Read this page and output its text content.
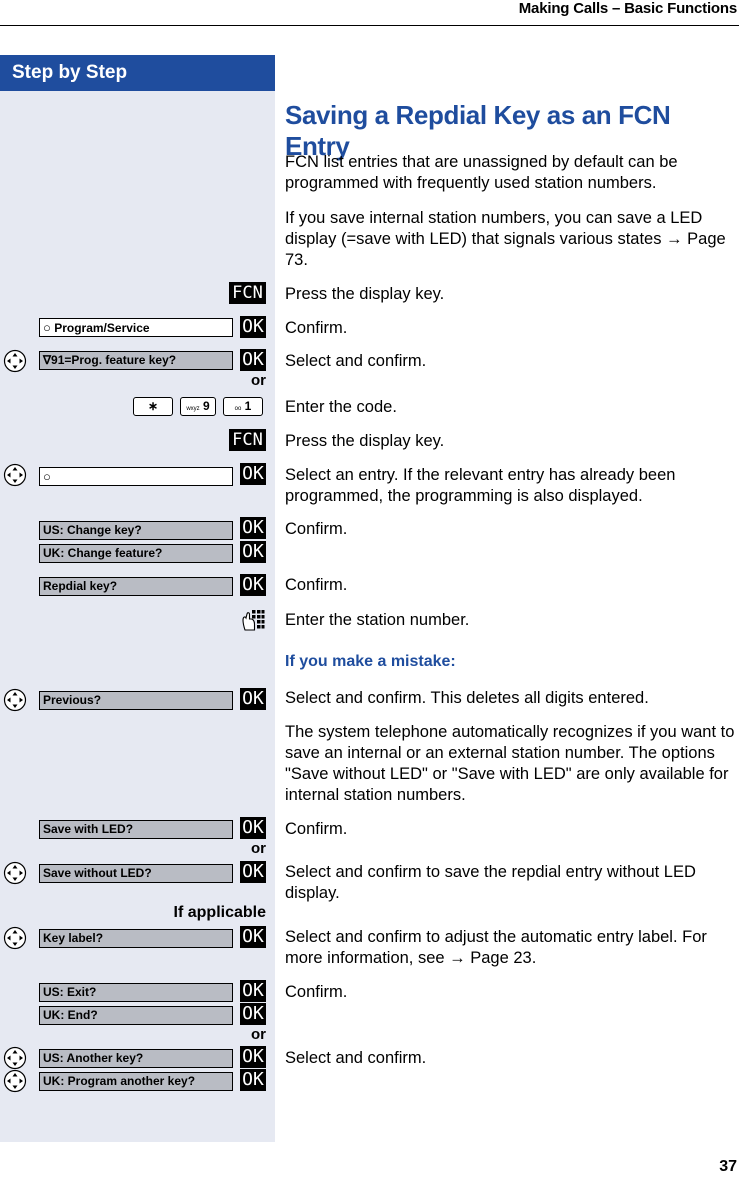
Making Calls – Basic Functions
Step by Step
Saving a Repdial Key as an FCN Entry
FCN list entries that are unassigned by default can be programmed with frequently used station numbers.
If you save internal station numbers, you can save a LED display (=save with LED) that signals various states → Page 73.
FCN Press the display key.
○ Program/Service	OK Confirm.
∇91=Prog. feature key?	OK Select and confirm.
or
∗	wxyz 9	oo 1	Enter the code.
FCN Press the display key.
○	OK Select an entry. If the relevant entry has already been programmed, the programming is also displayed.
US: Change key?	OK
UK: Change feature?	OK
Confirm.
Repdial key?	OK Confirm.
Enter the station number.
If you make a mistake:
Previous?	OK Select and confirm. This deletes all digits entered.
The system telephone automatically recognizes if you want to save an internal or an external station number. The options "Save without LED" or "Save with LED" are only available for internal station numbers.
Save with LED?	OK Confirm.
or
Save without LED?	OK Select and confirm to save the repdial entry without LED display.
If applicable
Key label?	OK Select and confirm to adjust the automatic entry label. For more information, see → Page 23.
US: Exit?	OK
UK: End?	OK
Confirm.
or
US: Another key?	OK
UK: Program another key?	OK
Select and confirm.
37
